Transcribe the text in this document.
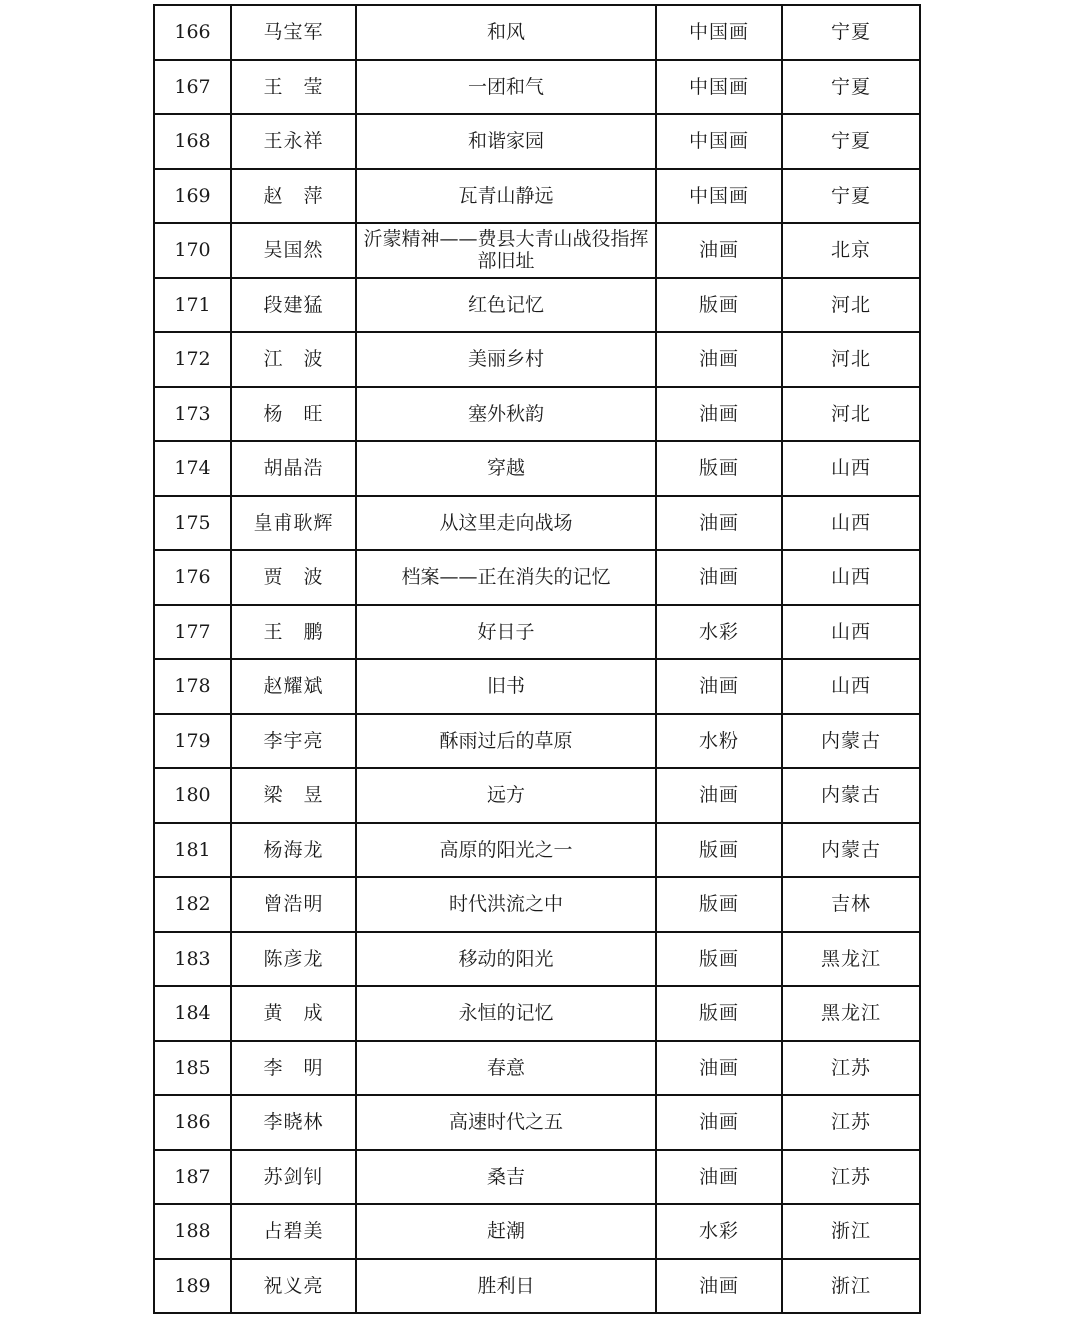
166	马宝军	和风	中国画	宁夏
167	王　莹	一团和气	中国画	宁夏
168	王永祥	和谐家园	中国画	宁夏
169	赵　萍	瓦青山静远	中国画	宁夏
170	吴国然	沂蒙精神——费县大青山战役指挥部旧址	油画	北京
171	段建猛	红色记忆	版画	河北
172	江　波	美丽乡村	油画	河北
173	杨　旺	塞外秋韵	油画	河北
174	胡晶浩	穿越	版画	山西
175	皇甫耿辉	从这里走向战场	油画	山西
176	贾　波	档案——正在消失的记忆	油画	山西
177	王　鹏	好日子	水彩	山西
178	赵耀斌	旧书	油画	山西
179	李宇亮	酥雨过后的草原	水粉	内蒙古
180	梁　昱	远方	油画	内蒙古
181	杨海龙	高原的阳光之一	版画	内蒙古
182	曾浩明	时代洪流之中	版画	吉林
183	陈彦龙	移动的阳光	版画	黑龙江
184	黄　成	永恒的记忆	版画	黑龙江
185	李　明	春意	油画	江苏
186	李晓林	高速时代之五	油画	江苏
187	苏剑钊	桑吉	油画	江苏
188	占碧美	赶潮	水彩	浙江
189	祝义亮	胜利日	油画	浙江
